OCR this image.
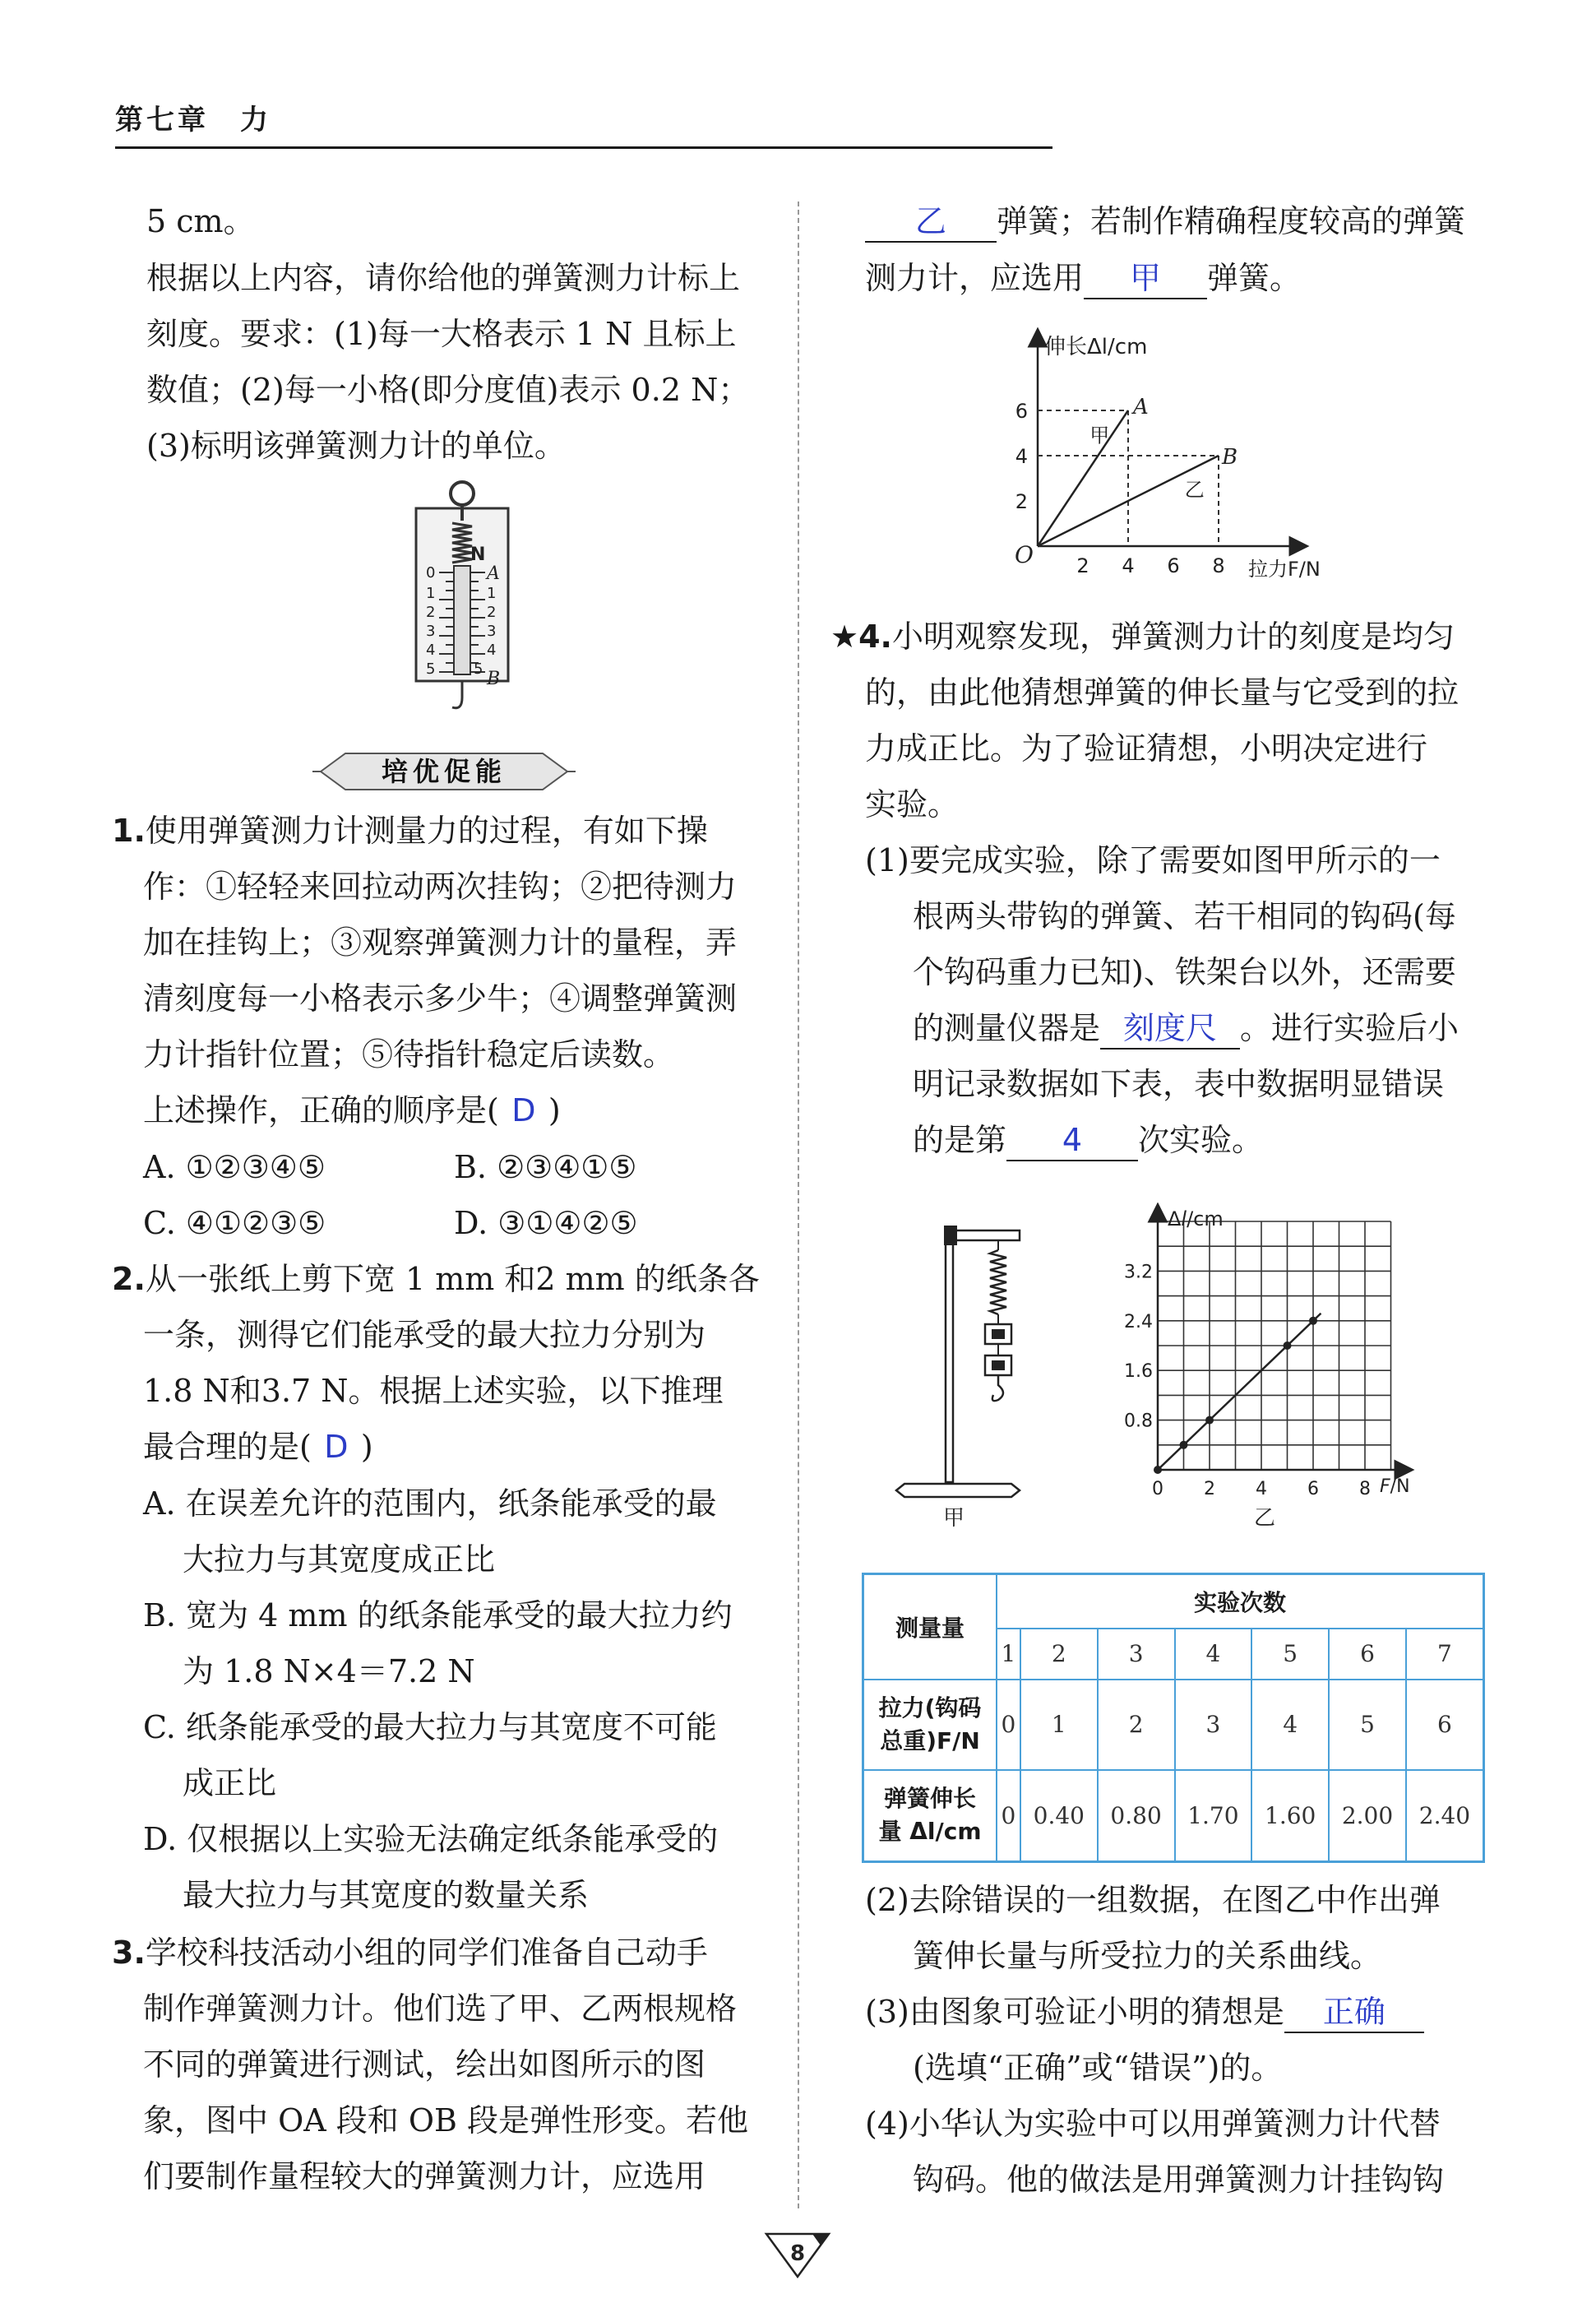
第七章　力
5 cm。
根据以上内容，请你给他的弹簧测力计标上
刻度。要求：(1)每一大格表示 1 N 且标上
数值；(2)每一小格(即分度值)表示 0.2 N；
(3)标明该弹簧测力计的单位。
N
A
B
0
1
2
3
4
5
1
2
3
4
5
培优促能
1.使用弹簧测力计测量力的过程，有如下操
作：①轻轻来回拉动两次挂钩；②把待测力
加在挂钩上；③观察弹簧测力计的量程，弄
清刻度每一小格表示多少牛；④调整弹簧测
力计指针位置；⑤待指针稳定后读数。
上述操作，正确的顺序是( D )
A. ①②③④⑤	B. ②③④①⑤
C. ④①②③⑤	D. ③①④②⑤
2.从一张纸上剪下宽 1 mm 和2 mm 的纸条各
一条，测得它们能承受的最大拉力分别为
1.8 N和3.7 N。根据上述实验，以下推理
最合理的是( D )
A. 在误差允许的范围内，纸条能承受的最
大拉力与其宽度成正比
B. 宽为 4 mm 的纸条能承受的最大拉力约
为 1.8 N×4＝7.2 N
C. 纸条能承受的最大拉力与其宽度不可能
成正比
D. 仅根据以上实验无法确定纸条能承受的
最大拉力与其宽度的数量关系
3.学校科技活动小组的同学们准备自己动手
制作弹簧测力计。他们选了甲、乙两根规格
不同的弹簧进行测试，绘出如图所示的图
象，图中 OA 段和 OB 段是弹性形变。若他
们要制作量程较大的弹簧测力计，应选用
乙 弹簧；若制作精确程度较高的弹簧
测力计，应选用 甲 弹簧。
伸长Δl/cm
拉力F/N
O 2 4 6 8
2
4
6	A
B
甲
乙
★4.小明观察发现，弹簧测力计的刻度是均匀
的，由此他猜想弹簧的伸长量与它受到的拉
力成正比。为了验证猜想，小明决定进行
实验。
(1)要完成实验，除了需要如图甲所示的一
根两头带钩的弹簧、若干相同的钩码(每
个钩码重力已知)、铁架台以外，还需要
的测量仪器是 刻度尺 。进行实验后小
明记录数据如下表，表中数据明显错误
的是第 4 次实验。
甲
Δl/cm
F/N
0 2 4 6 8
0.8
1.6
2.4
3.2
乙
测量量	实验次数						
	1	2	3	4	5	6	7

拉力(钩码
总重)F/N	0	1	2	3	4	5	6

弹簧伸长
量 Δl/cm	0	0.40	0.80	1.70	1.60	2.00	2.40
(2)去除错误的一组数据，在图乙中作出弹
簧伸长量与所受拉力的关系曲线。
(3)由图象可验证小明的猜想是 正确
(选填“正确”或“错误”)的。
(4)小华认为实验中可以用弹簧测力计代替
钩码。他的做法是用弹簧测力计挂钩钩
8
